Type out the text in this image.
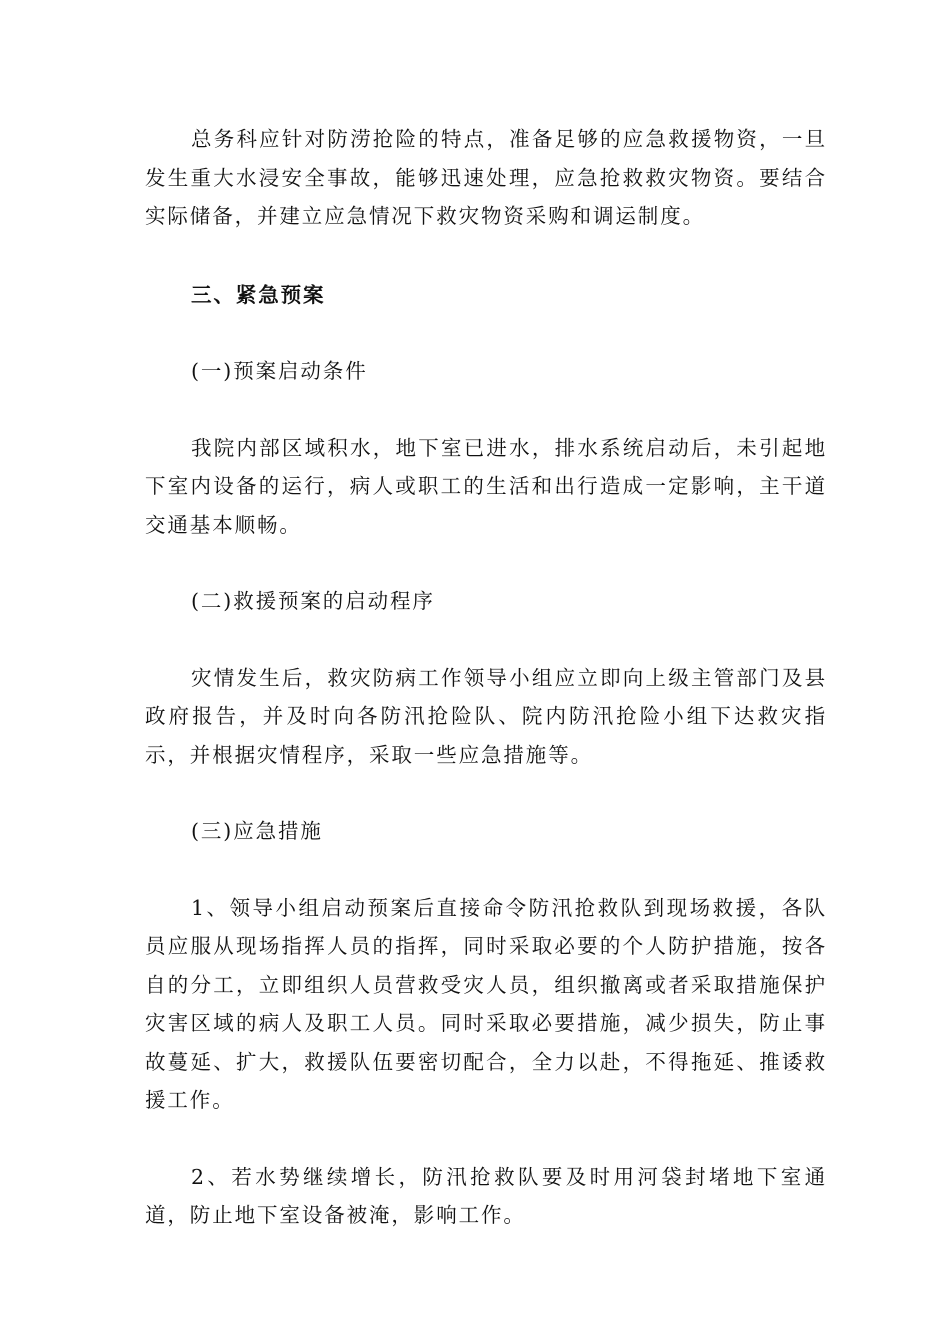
总务科应针对防涝抢险的特点，准备足够的应急救援物资，一旦发生重大水浸安全事故，能够迅速处理，应急抢救救灾物资。要结合实际储备，并建立应急情况下救灾物资采购和调运制度。

三、紧急预案

(一)预案启动条件

我院内部区域积水，地下室已进水，排水系统启动后，未引起地下室内设备的运行，病人或职工的生活和出行造成一定影响，主干道交通基本顺畅。

(二)救援预案的启动程序

灾情发生后，救灾防病工作领导小组应立即向上级主管部门及县政府报告，并及时向各防汛抢险队、院内防汛抢险小组下达救灾指示，并根据灾情程序，采取一些应急措施等。

(三)应急措施

1、领导小组启动预案后直接命令防汛抢救队到现场救援，各队员应服从现场指挥人员的指挥，同时采取必要的个人防护措施，按各自的分工，立即组织人员营救受灾人员，组织撤离或者采取措施保护灾害区域的病人及职工人员。同时采取必要措施，减少损失，防止事故蔓延、扩大，救援队伍要密切配合，全力以赴，不得拖延、推诿救援工作。

2、若水势继续增长，防汛抢救队要及时用河袋封堵地下室通道，防止地下室设备被淹，影响工作。
